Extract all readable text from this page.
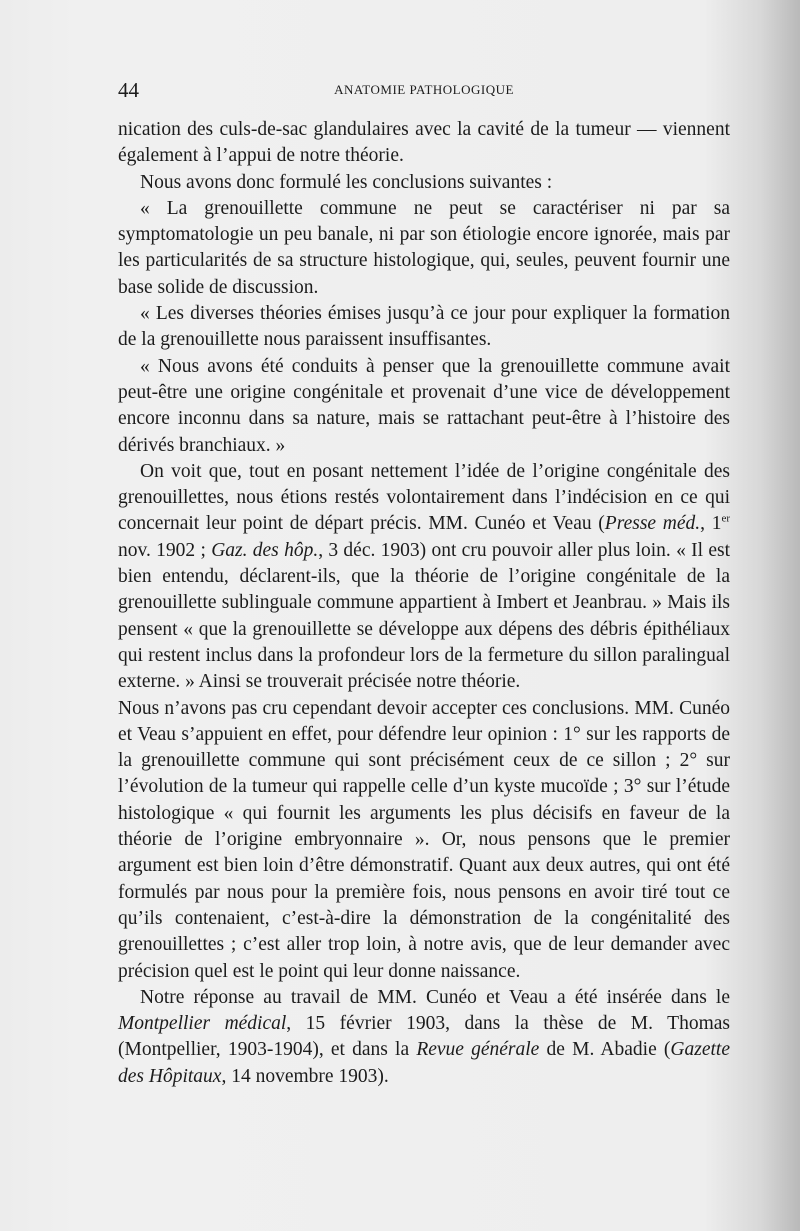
44	ANATOMIE PATHOLOGIQUE

nication des culs-de-sac glandulaires avec la cavité de la tumeur — viennent également à l’appui de notre théorie.

Nous avons donc formulé les conclusions suivantes :

« La grenouillette commune ne peut se caractériser ni par sa symptomatologie un peu banale, ni par son étiologie encore ignorée, mais par les particularités de sa structure histologique, qui, seules, peuvent fournir une base solide de discussion.

« Les diverses théories émises jusqu’à ce jour pour expliquer la formation de la grenouillette nous paraissent insuffisantes.

« Nous avons été conduits à penser que la grenouillette commune avait peut-être une origine congénitale et provenait d’une vice de développement encore inconnu dans sa nature, mais se rattachant peut-être à l’histoire des dérivés branchiaux. »

On voit que, tout en posant nettement l’idée de l’origine congénitale des grenouillettes, nous étions restés volontairement dans l’indécision en ce qui concernait leur point de départ précis. MM. Cunéo et Veau (Presse méd., 1er nov. 1902 ; Gaz. des hôp., 3 déc. 1903) ont cru pouvoir aller plus loin. « Il est bien entendu, déclarent-ils, que la théorie de l’origine congénitale de la grenouillette sublinguale commune appartient à Imbert et Jeanbrau. » Mais ils pensent « que la grenouillette se développe aux dépens des débris épithéliaux qui restent inclus dans la profondeur lors de la fermeture du sillon paralingual externe. » Ainsi se trouverait précisée notre théorie.

Nous n’avons pas cru cependant devoir accepter ces conclusions. MM. Cunéo et Veau s’appuient en effet, pour défendre leur opinion : 1° sur les rapports de la grenouillette commune qui sont précisément ceux de ce sillon ; 2° sur l’évolution de la tumeur qui rappelle celle d’un kyste mucoïde ; 3° sur l’étude histologique « qui fournit les arguments les plus décisifs en faveur de la théorie de l’origine embryonnaire ». Or, nous pensons que le premier argument est bien loin d’être démonstratif. Quant aux deux autres, qui ont été formulés par nous pour la première fois, nous pensons en avoir tiré tout ce qu’ils contenaient, c’est-à-dire la démonstration de la congénitalité des grenouillettes ; c’est aller trop loin, à notre avis, que de leur demander avec précision quel est le point qui leur donne naissance.

Notre réponse au travail de MM. Cunéo et Veau a été insérée dans le Montpellier médical, 15 février 1903, dans la thèse de M. Thomas (Montpellier, 1903-1904), et dans la Revue générale de M. Abadie (Gazette des Hôpitaux, 14 novembre 1903).
